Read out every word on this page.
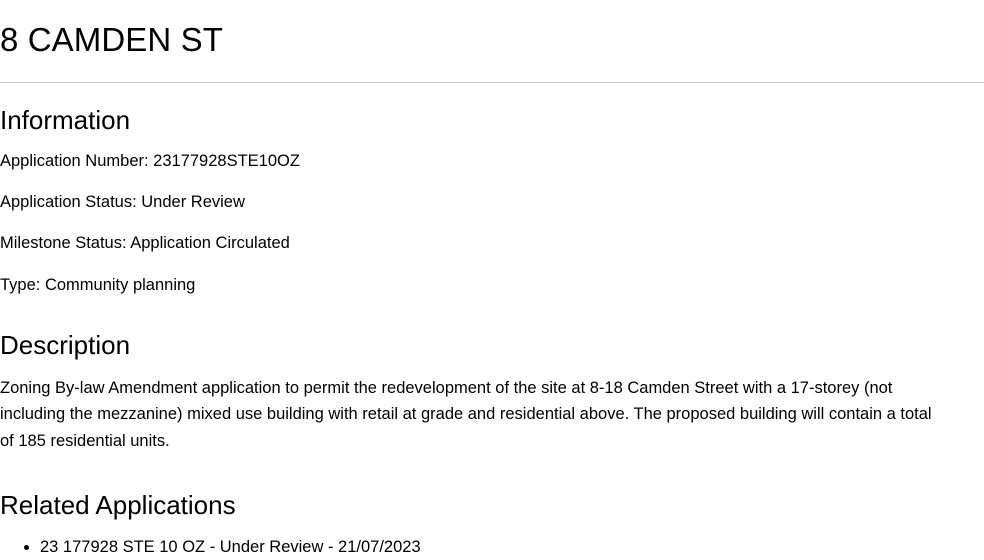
8 CAMDEN ST
Information

Application Number: 23177928STE10OZ

Application Status: Under Review

Milestone Status: Application Circulated

Type: Community planning

Description

Zoning By-law Amendment application to permit the redevelopment of the site at 8-18 Camden Street with a 17-storey (not including the mezzanine) mixed use building with retail at grade and residential above. The proposed building will contain a total of 185 residential units.

Related Applications
• 23 177928 STE 10 OZ - Under Review - 21/07/2023
